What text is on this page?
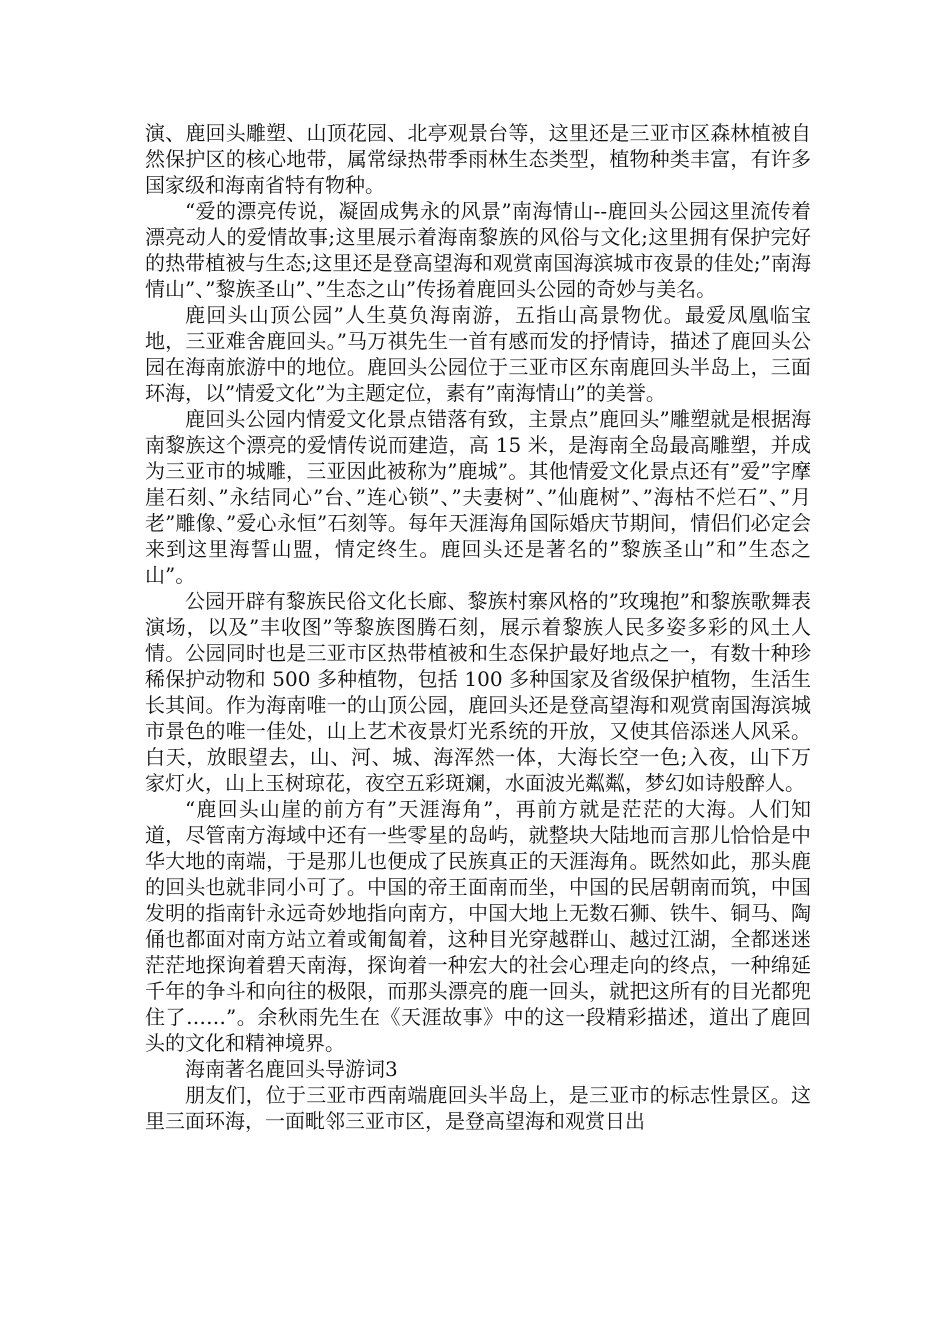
演、鹿回头雕塑、山顶花园、北亭观景台等，这里还是三亚市区森林植被自然保护区的核心地带，属常绿热带季雨林生态类型，植物种类丰富，有许多国家级和海南省特有物种。

“爱的漂亮传说，凝固成隽永的风景”南海情山--鹿回头公园这里流传着漂亮动人的爱情故事;这里展示着海南黎族的风俗与文化;这里拥有保护完好的热带植被与生态;这里还是登高望海和观赏南国海滨城市夜景的佳处;”南海情山”、”黎族圣山”、”生态之山”传扬着鹿回头公园的奇妙与美名。

鹿回头山顶公园”人生莫负海南游，五指山高景物优。最爱凤凰临宝地，三亚难舍鹿回头。”马万祺先生一首有感而发的抒情诗，描述了鹿回头公园在海南旅游中的地位。鹿回头公园位于三亚市区东南鹿回头半岛上，三面环海，以”情爱文化”为主题定位，素有”南海情山”的美誉。

鹿回头公园内情爱文化景点错落有致，主景点”鹿回头”雕塑就是根据海南黎族这个漂亮的爱情传说而建造，高 15 米，是海南全岛最高雕塑，并成为三亚市的城雕，三亚因此被称为”鹿城”。其他情爱文化景点还有”爱”字摩崖石刻、”永结同心”台、”连心锁”、”夫妻树”、”仙鹿树”、”海枯不烂石”、”月老”雕像、”爱心永恒”石刻等。每年天涯海角国际婚庆节期间，情侣们必定会来到这里海誓山盟，情定终生。鹿回头还是著名的”黎族圣山”和”生态之山”。

公园开辟有黎族民俗文化长廊、黎族村寨风格的”玫瑰抱”和黎族歌舞表演场，以及”丰收图”等黎族图腾石刻，展示着黎族人民多姿多彩的风土人情。公园同时也是三亚市区热带植被和生态保护最好地点之一，有数十种珍稀保护动物和 500 多种植物，包括 100 多种国家及省级保护植物，生活生长其间。作为海南唯一的山顶公园，鹿回头还是登高望海和观赏南国海滨城市景色的唯一佳处，山上艺术夜景灯光系统的开放，又使其倍添迷人风采。白天，放眼望去，山、河、城、海浑然一体，大海长空一色;入夜，山下万家灯火，山上玉树琼花，夜空五彩斑斓，水面波光粼粼，梦幻如诗般醉人。

“鹿回头山崖的前方有”天涯海角”，再前方就是茫茫的大海。人们知道，尽管南方海域中还有一些零星的岛屿，就整块大陆地而言那儿恰恰是中华大地的南端，于是那儿也便成了民族真正的天涯海角。既然如此，那头鹿的回头也就非同小可了。中国的帝王面南而坐，中国的民居朝南而筑，中国发明的指南针永远奇妙地指向南方，中国大地上无数石狮、铁牛、铜马、陶俑也都面对南方站立着或匍匐着，这种目光穿越群山、越过江湖，全都迷迷茫茫地探询着碧天南海，探询着一种宏大的社会心理走向的终点，一种绵延千年的争斗和向往的极限，而那头漂亮的鹿一回头，就把这所有的目光都兜住了……”。余秋雨先生在《天涯故事》中的这一段精彩描述，道出了鹿回头的文化和精神境界。

海南著名鹿回头导游词3

朋友们，位于三亚市西南端鹿回头半岛上，是三亚市的标志性景区。这里三面环海，一面毗邻三亚市区，是登高望海和观赏日出
